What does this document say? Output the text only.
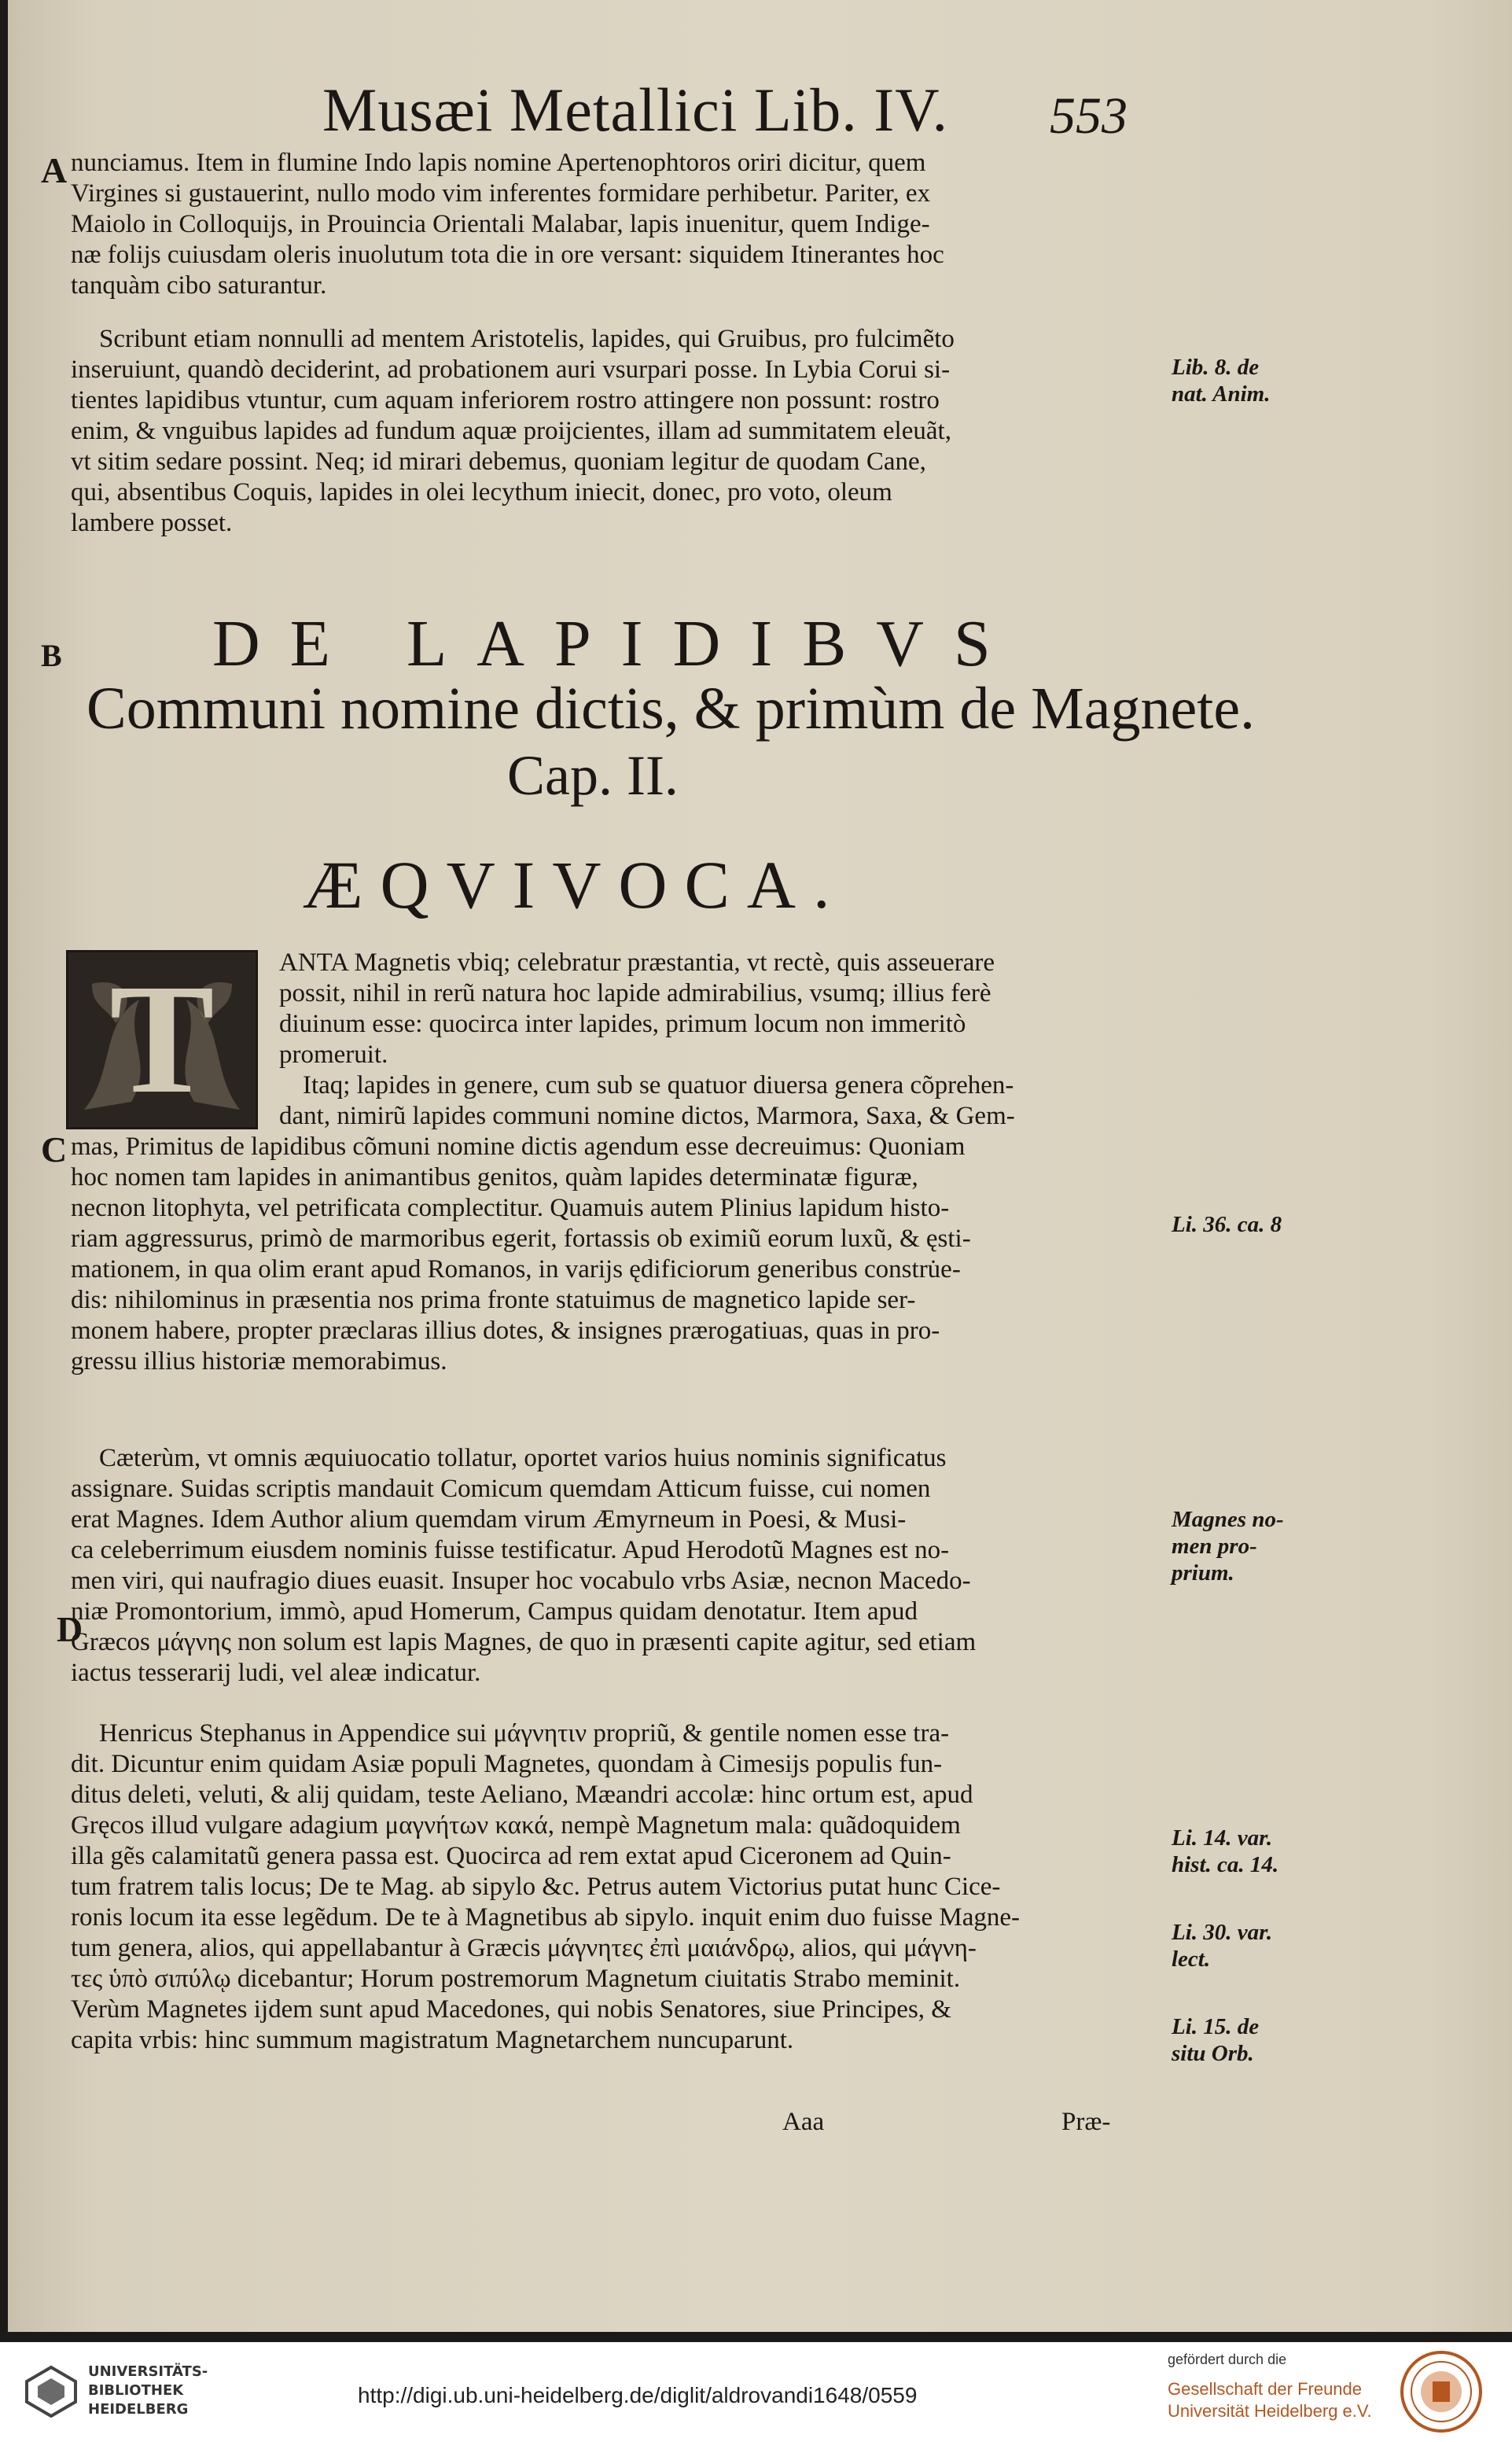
Musæi Metallici Lib. IV. 553
A
B
C
D
nunciamus. Item in flumine Indo lapis nomine Apertenophtoros oriri dicitur, quem
Virgines si gustauerint, nullo modo vim inferentes formidare perhibetur. Pariter, ex
Maiolo in Colloquijs, in Prouincia Orientali Malabar, lapis inuenitur, quem Indige-
næ folijs cuiusdam oleris inuolutum tota die in ore versant: siquidem Itinerantes hoc
tanquàm cibo saturantur.
Scribunt etiam nonnulli ad mentem Aristotelis, lapides, qui Gruibus, pro fulcimẽto
inseruiunt, quandò deciderint, ad probationem auri vsurpari posse. In Lybia Corui si-
tientes lapidibus vtuntur, cum aquam inferiorem rostro attingere non possunt: rostro
enim, & vnguibus lapides ad fundum aquæ proijcientes, illam ad summitatem eleuãt,
vt sitim sedare possint. Neq; id mirari debemus, quoniam legitur de quodam Cane,
qui, absentibus Coquis, lapides in olei lecythum iniecit, donec, pro voto, oleum
lambere posset.
DE LAPIDIBVS
Communi nomine dictis, & primùm de Magnete.
Cap. II.
ÆQVIVOCA.
T	ANTA Magnetis vbiq; celebratur præstantia, vt rectè, quis asseuerare
possit, nihil in rerũ natura hoc lapide admirabilius, vsumq; illius ferè
diuinum esse: quocirca inter lapides, primum locum non immeritò
promeruit.
Itaq; lapides in genere, cum sub se quatuor diuersa genera cõprehen-
dant, nimirũ lapides communi nomine dictos, Marmora, Saxa, & Gem-
mas, Primitus de lapidibus cõmuni nomine dictis agendum esse decreuimus: Quoniam
hoc nomen tam lapides in animantibus genitos, quàm lapides determinatæ figuræ,
necnon litophyta, vel petrificata complectitur. Quamuis autem Plinius lapidum histo-
riam aggressurus, primò de marmoribus egerit, fortassis ob eximiũ eorum luxũ, & ęsti-
mationem, in qua olim erant apud Romanos, in varijs ędificiorum generibus constru̇e-
dis: nihilominus in præsentia nos prima fronte statuimus de magnetico lapide ser-
monem habere, propter præclaras illius dotes, & insignes prærogatiuas, quas in pro-
gressu illius historiæ memorabimus.
Cæterùm, vt omnis æquiuocatio tollatur, oportet varios huius nominis significatus
assignare. Suidas scriptis mandauit Comicum quemdam Atticum fuisse, cui nomen
erat Magnes. Idem Author alium quemdam virum Æmyrneum in Poesi, & Musi-
ca celeberrimum eiusdem nominis fuisse testificatur. Apud Herodotũ Magnes est no-
men viri, qui naufragio diues euasit. Insuper hoc vocabulo vrbs Asiæ, necnon Macedo-
niæ Promontorium, immò, apud Homerum, Campus quidam denotatur. Item apud
Græcos μάγνης non solum est lapis Magnes, de quo in præsenti capite agitur, sed etiam
iactus tesserarij ludi, vel aleæ indicatur.
Henricus Stephanus in Appendice sui μάγνητιν propriũ, & gentile nomen esse tra-
dit. Dicuntur enim quidam Asiæ populi Magnetes, quondam à Cimesijs populis fun-
ditus deleti, veluti, & alij quidam, teste Aeliano, Mæandri accolæ: hinc ortum est, apud
Gręcos illud vulgare adagium μαγνήτων κακά, nempè Magnetum mala: quãdoquidem
illa gẽs calamitatũ genera passa est. Quocirca ad rem extat apud Ciceronem ad Quin-
tum fratrem talis locus; De te Mag. ab sipylo &c. Petrus autem Victorius putat hunc Cice-
ronis locum ita esse legẽdum. De te à Magnetibus ab sipylo. inquit enim duo fuisse Magne-
tum genera, alios, qui appellabantur à Græcis μάγνητες ἐπὶ μαιάνδρῳ, alios, qui μάγνη-
τες ὑπὸ σιπύλῳ dicebantur; Horum postremorum Magnetum ciuitatis Strabo meminit.
Verùm Magnetes ijdem sunt apud Macedones, qui nobis Senatores, siue Principes, &
capita vrbis: hinc summum magistratum Magnetarchem nuncuparunt.
Lib. 8. de
nat. Anim.
Li. 36. ca. 8
Magnes no-
men pro-
prium.
Li. 14. var.
hist. ca. 14.
Li. 30. var.
lect.
Li. 15. de
situ Orb.
Aaa	Præ-
UNIVERSITÄTS-
BIBLIOTHEK
HEIDELBERG
http://digi.ub.uni-heidelberg.de/diglit/aldrovandi1648/0559
gefördert durch die
Gesellschaft der Freunde
Universität Heidelberg e.V.
